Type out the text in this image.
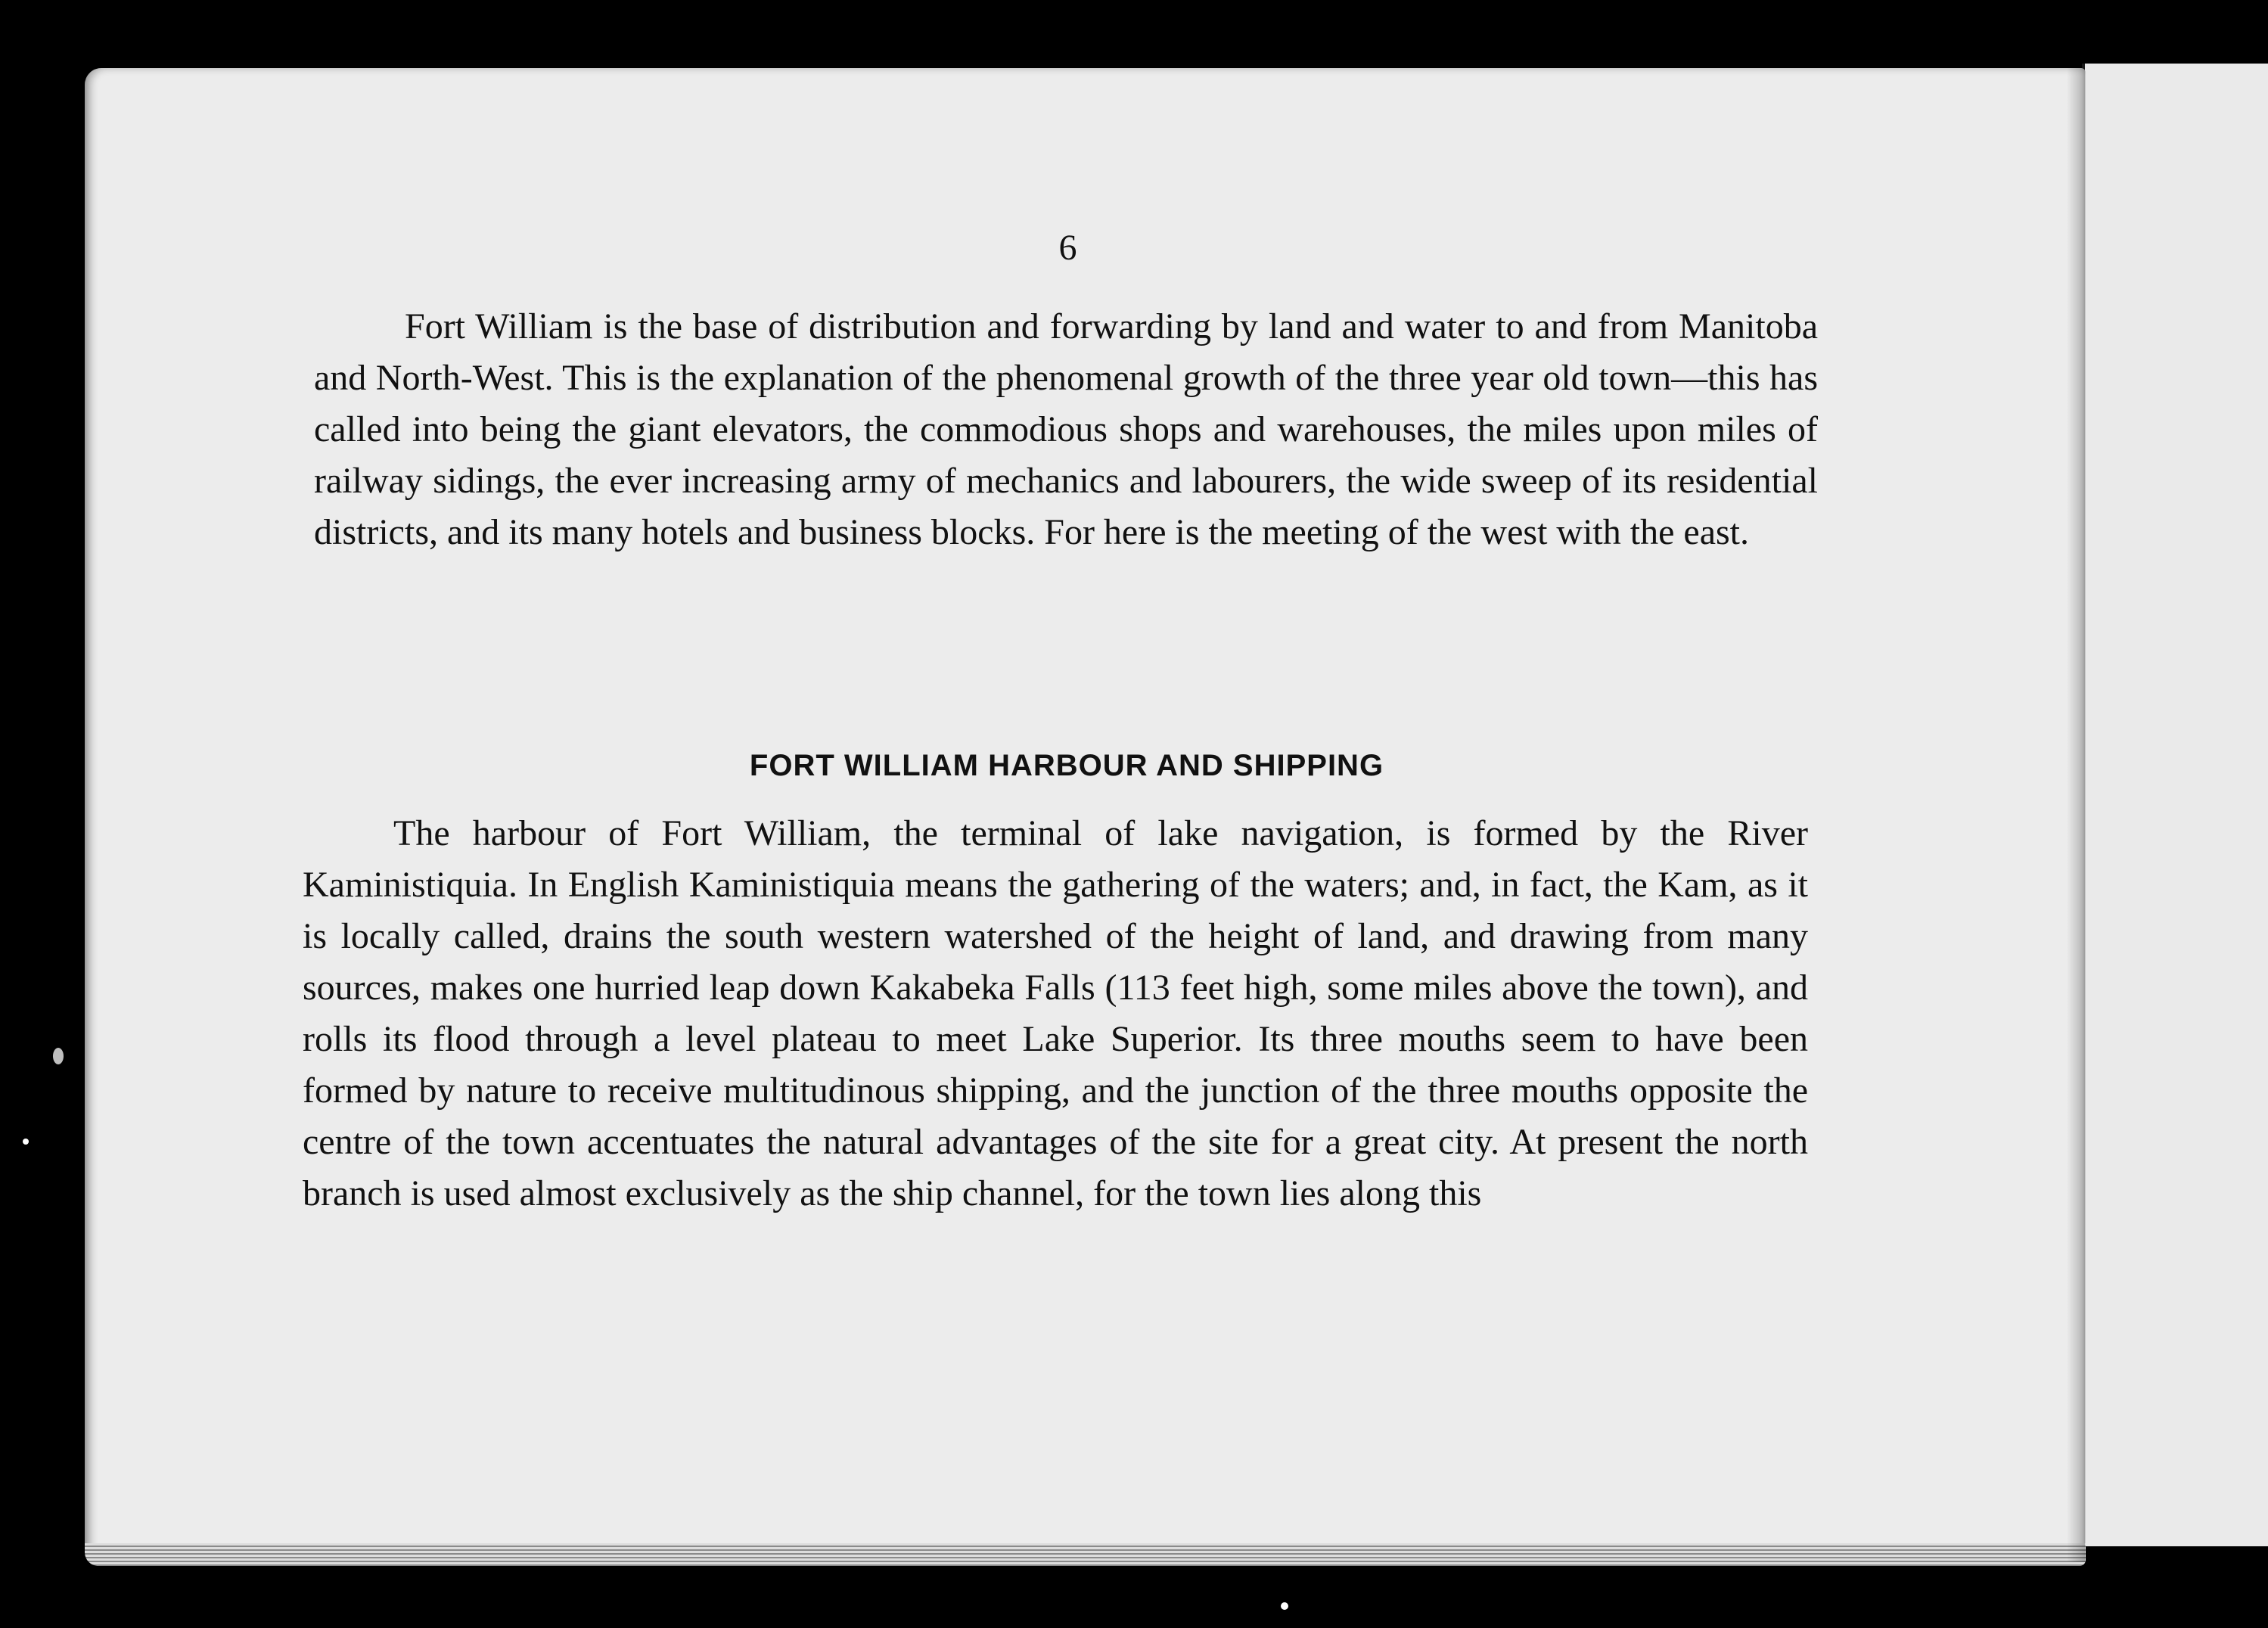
6

Fort William is the base of distribution and forwarding by land and water to and from Manitoba and North-West. This is the explanation of the phenomenal growth of the three year old town—this has called into being the giant elevators, the commodious shops and warehouses, the miles upon miles of railway sidings, the ever increasing army of mechanics and labourers, the wide sweep of its residential districts, and its many hotels and business blocks. For here is the meeting of the west with the east.

FORT WILLIAM HARBOUR AND SHIPPING

The harbour of Fort William, the terminal of lake navigation, is formed by the River Kaministiquia. In English Kaministiquia means the gathering of the waters; and, in fact, the Kam, as it is locally called, drains the south western watershed of the height of land, and drawing from many sources, makes one hurried leap down Kakabeka Falls (113 feet high, some miles above the town), and rolls its flood through a level plateau to meet Lake Superior. Its three mouths seem to have been formed by nature to receive multitudinous shipping, and the junction of the three mouths opposite the centre of the town accentuates the natural advantages of the site for a great city. At present the north branch is used almost exclusively as the ship channel, for the town lies along this
